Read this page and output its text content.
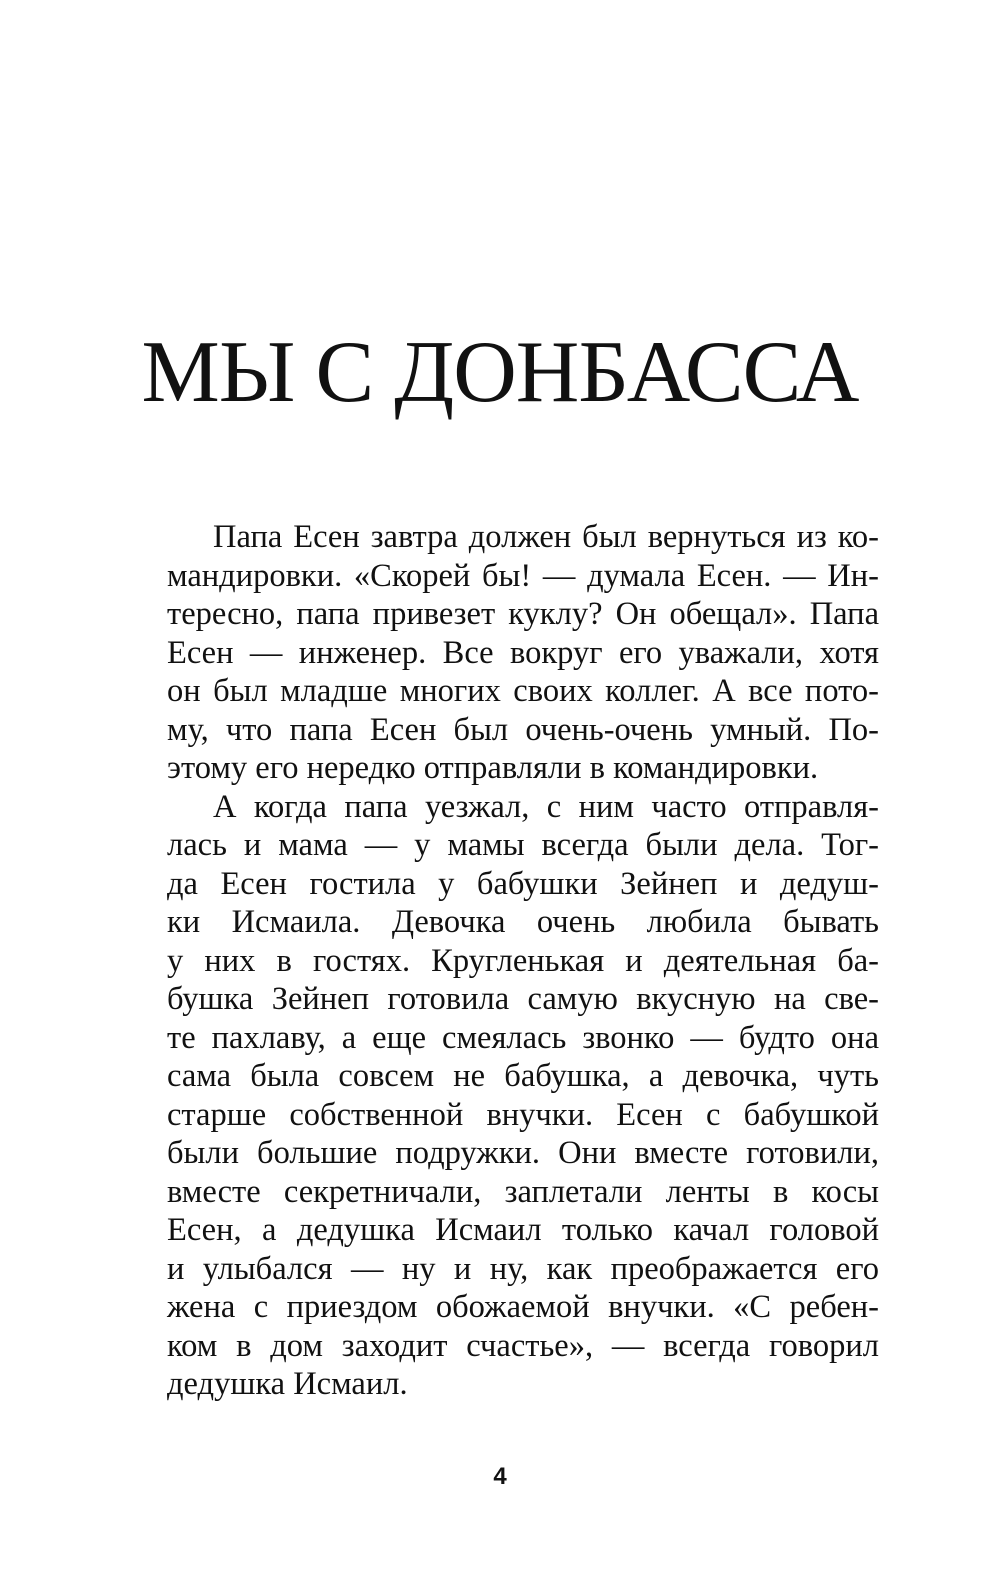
МЫ С ДОНБАССА
Папа Есен завтра должен был вернуться из ко-
мандировки. «Скорей бы! — думала Есен. — Ин-
тересно, папа привезет куклу? Он обещал». Папа
Есен — инженер. Все вокруг его уважали, хотя
он был младше многих своих коллег. А все пото-
му, что папа Есен был очень-очень умный. По-
этому его нередко отправляли в командировки.
А когда папа уезжал, с ним часто отправля-
лась и мама — у мамы всегда были дела. Тог-
да Есен гостила у бабушки Зейнеп и дедуш-
ки Исмаила. Девочка очень любила бывать
у них в гостях. Кругленькая и деятельная ба-
бушка Зейнеп готовила самую вкусную на све-
те пахлаву, а еще смеялась звонко — будто она
сама была совсем не бабушка, а девочка, чуть
старше собственной внучки. Есен с бабушкой
были большие подружки. Они вместе готовили,
вместе секретничали, заплетали ленты в косы
Есен, а дедушка Исмаил только качал головой
и улыбался — ну и ну, как преображается его
жена с приездом обожаемой внучки. «С ребен-
ком в дом заходит счастье», — всегда говорил
дедушка Исмаил.
4
